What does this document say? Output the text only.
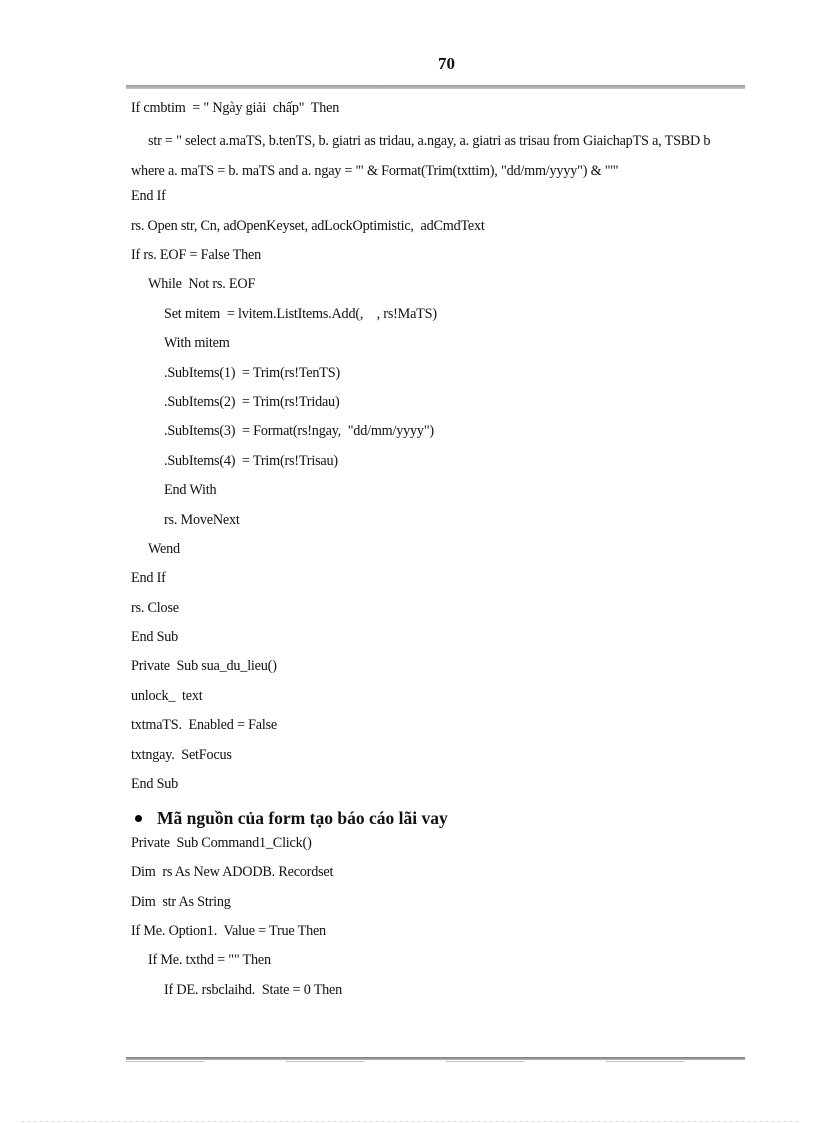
70
If cmbtim  = " Ngày giải  chấp"  Then
str = " select a.maTS, b.tenTS, b. giatri as tridau, a.ngay, a. giatri as trisau from GiaichapTS a, TSBD b where a. maTS = b. maTS and a. ngay = '" & Format(Trim(txttim), "dd/mm/yyyy") & "'"
End If
rs. Open str, Cn, adOpenKeyset, adLockOptimistic,  adCmdText
If rs. EOF = False Then
While  Not rs. EOF
Set mitem  = lvitem.ListItems.Add(,    , rs!MaTS)
With mitem
.SubItems(1)  = Trim(rs!TenTS)
.SubItems(2)  = Trim(rs!Tridau)
.SubItems(3)  = Format(rs!ngay,  "dd/mm/yyyy")
.SubItems(4)  = Trim(rs!Trisau)
End With
rs. MoveNext
Wend
End If
rs. Close
End Sub
Private  Sub sua_du_lieu()
unlock_  text
txtmaTS.  Enabled = False
txtngay.  SetFocus
End Sub
Mã nguồn của form tạo báo cáo lãi vay
Private  Sub Command1_Click()
Dim  rs As New ADODB. Recordset
Dim  str As String
If Me. Option1.  Value = True Then
If Me. txthd = "" Then
If DE. rsbclaihd.  State = 0 Then
